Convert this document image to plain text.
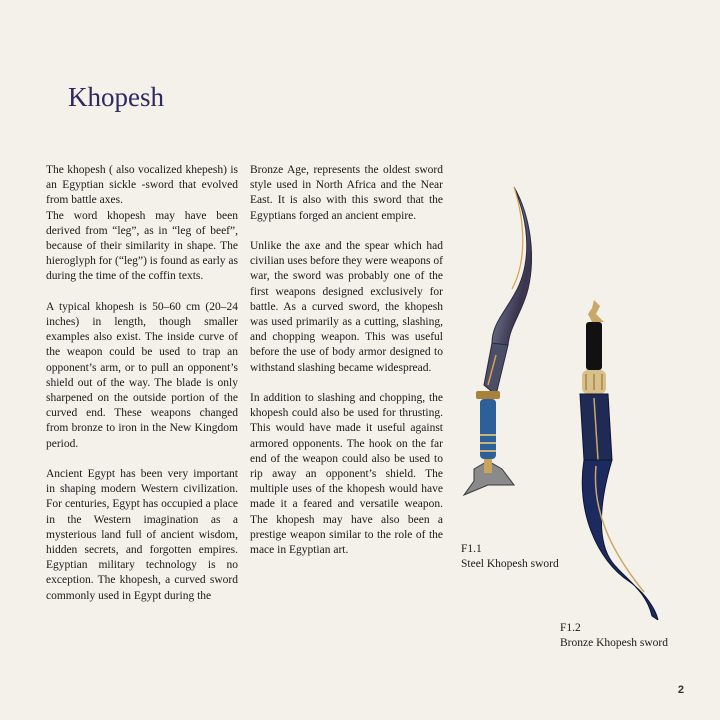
Khopesh

The khopesh ( also vocalized khepesh) is an Egyptian sickle -sword that evolved from battle axes.

The word khopesh may have been derived from “leg”, as in “leg of beef”, because of their similarity in shape. The hieroglyph for (“leg”) is found as early as during the time of the coffin texts.

A typical khopesh is 50–60 cm (20–24 inches) in length, though smaller examples also exist. The inside curve of the weapon could be used to trap an opponent’s arm, or to pull an opponent’s shield out of the way. The blade is only sharpened on the outside portion of the curved end. These weapons changed from bronze to iron in the New Kingdom period.

Ancient Egypt has been very important in shaping modern Western civilization. For centuries, Egypt has occupied a place in the Western imagination as a mysterious land full of ancient wisdom, hidden secrets, and forgotten empires. Egyptian military technology is no exception. The khopesh, a curved sword commonly used in Egypt during the

Bronze Age, represents the oldest sword style used in North Africa and the Near East. It is also with this sword that the Egyptians forged an ancient empire.

Unlike the axe and the spear which had civilian uses before they were weapons of war, the sword was probably one of the first weapons designed exclusively for battle. As a curved sword, the khopesh was used primarily as a cutting, slashing, and chopping weapon. This was useful before the use of body armor designed to withstand slashing became widespread.

In addition to slashing and chopping, the khopesh could also be used for thrusting. This would have made it useful against armored opponents. The hook on the far end of the weapon could also be used to rip away an opponent’s shield. The multiple uses of the khopesh would have made it a feared and versatile weapon. The khopesh may have also been a prestige weapon similar to the role of the mace in Egyptian art.	F1.1
Steel Khopesh sword
F1.2
Bronze Khopesh sword
2
